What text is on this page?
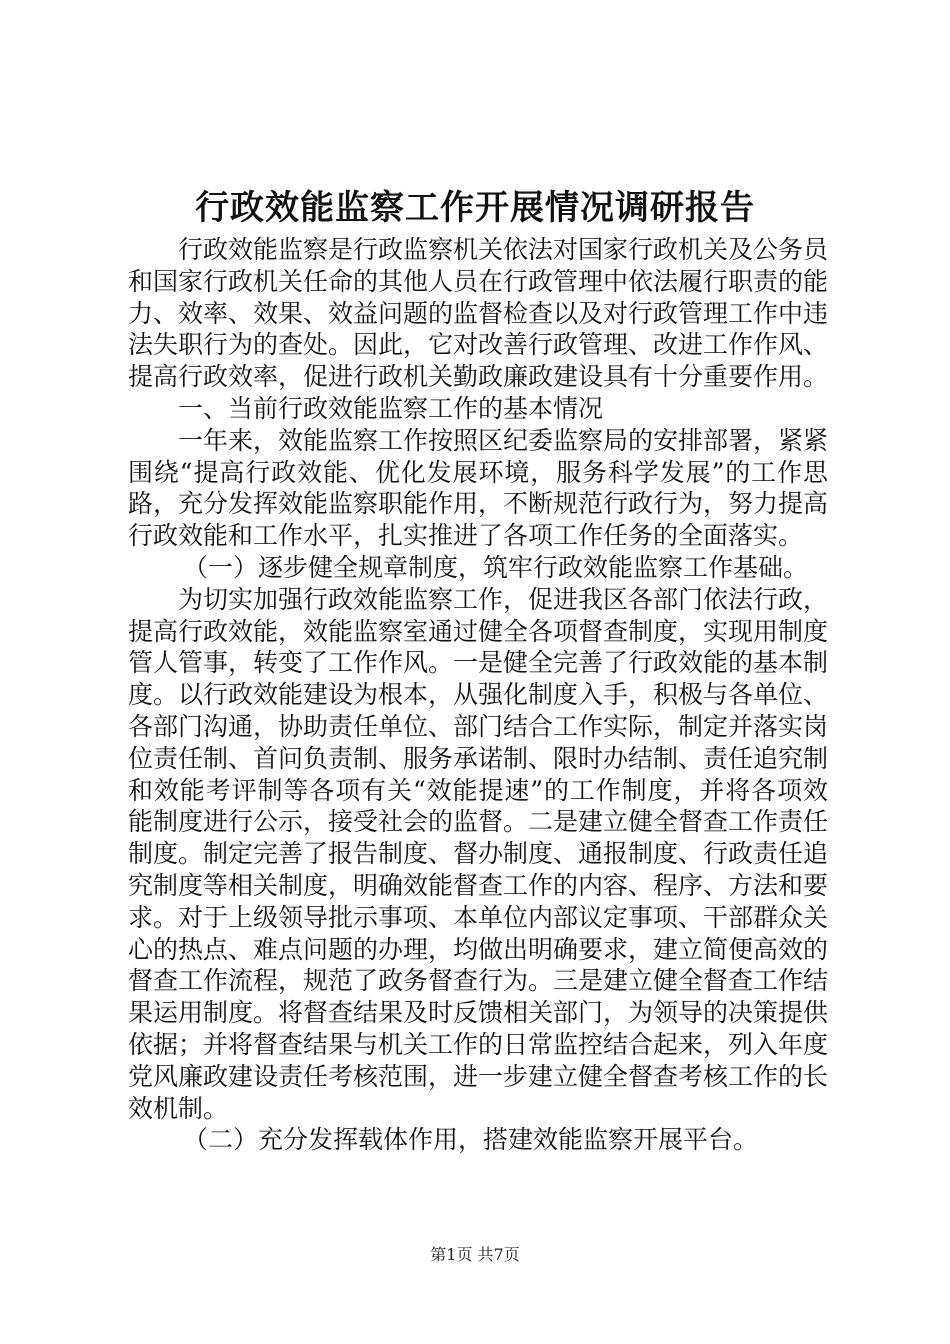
行政效能监察工作开展情况调研报告

行政效能监察是行政监察机关依法对国家行政机关及公务员和国家行政机关任命的其他人员在行政管理中依法履行职责的能力、效率、效果、效益问题的监督检查以及对行政管理工作中违法失职行为的查处。因此，它对改善行政管理、改进工作作风、提高行政效率，促进行政机关勤政廉政建设具有十分重要作用。

一、当前行政效能监察工作的基本情况

一年来，效能监察工作按照区纪委监察局的安排部署，紧紧围绕“提高行政效能、优化发展环境，服务科学发展”的工作思路，充分发挥效能监察职能作用，不断规范行政行为，努力提高行政效能和工作水平，扎实推进了各项工作任务的全面落实。

（一）逐步健全规章制度，筑牢行政效能监察工作基础。

为切实加强行政效能监察工作，促进我区各部门依法行政，提高行政效能，效能监察室通过健全各项督查制度，实现用制度管人管事，转变了工作作风。一是健全完善了行政效能的基本制度。以行政效能建设为根本，从强化制度入手，积极与各单位、各部门沟通，协助责任单位、部门结合工作实际，制定并落实岗位责任制、首问负责制、服务承诺制、限时办结制、责任追究制和效能考评制等各项有关“效能提速”的工作制度，并将各项效能制度进行公示，接受社会的监督。二是建立健全督查工作责任制度。制定完善了报告制度、督办制度、通报制度、行政责任追究制度等相关制度，明确效能督查工作的内容、程序、方法和要求。对于上级领导批示事项、本单位内部议定事项、干部群众关心的热点、难点问题的办理，均做出明确要求，建立简便高效的督查工作流程，规范了政务督查行为。三是建立健全督查工作结果运用制度。将督查结果及时反馈相关部门，为领导的决策提供依据；并将督查结果与机关工作的日常监控结合起来，列入年度党风廉政建设责任考核范围，进一步建立健全督查考核工作的长效机制。

（二）充分发挥载体作用，搭建效能监察开展平台。

第1页 共7页
